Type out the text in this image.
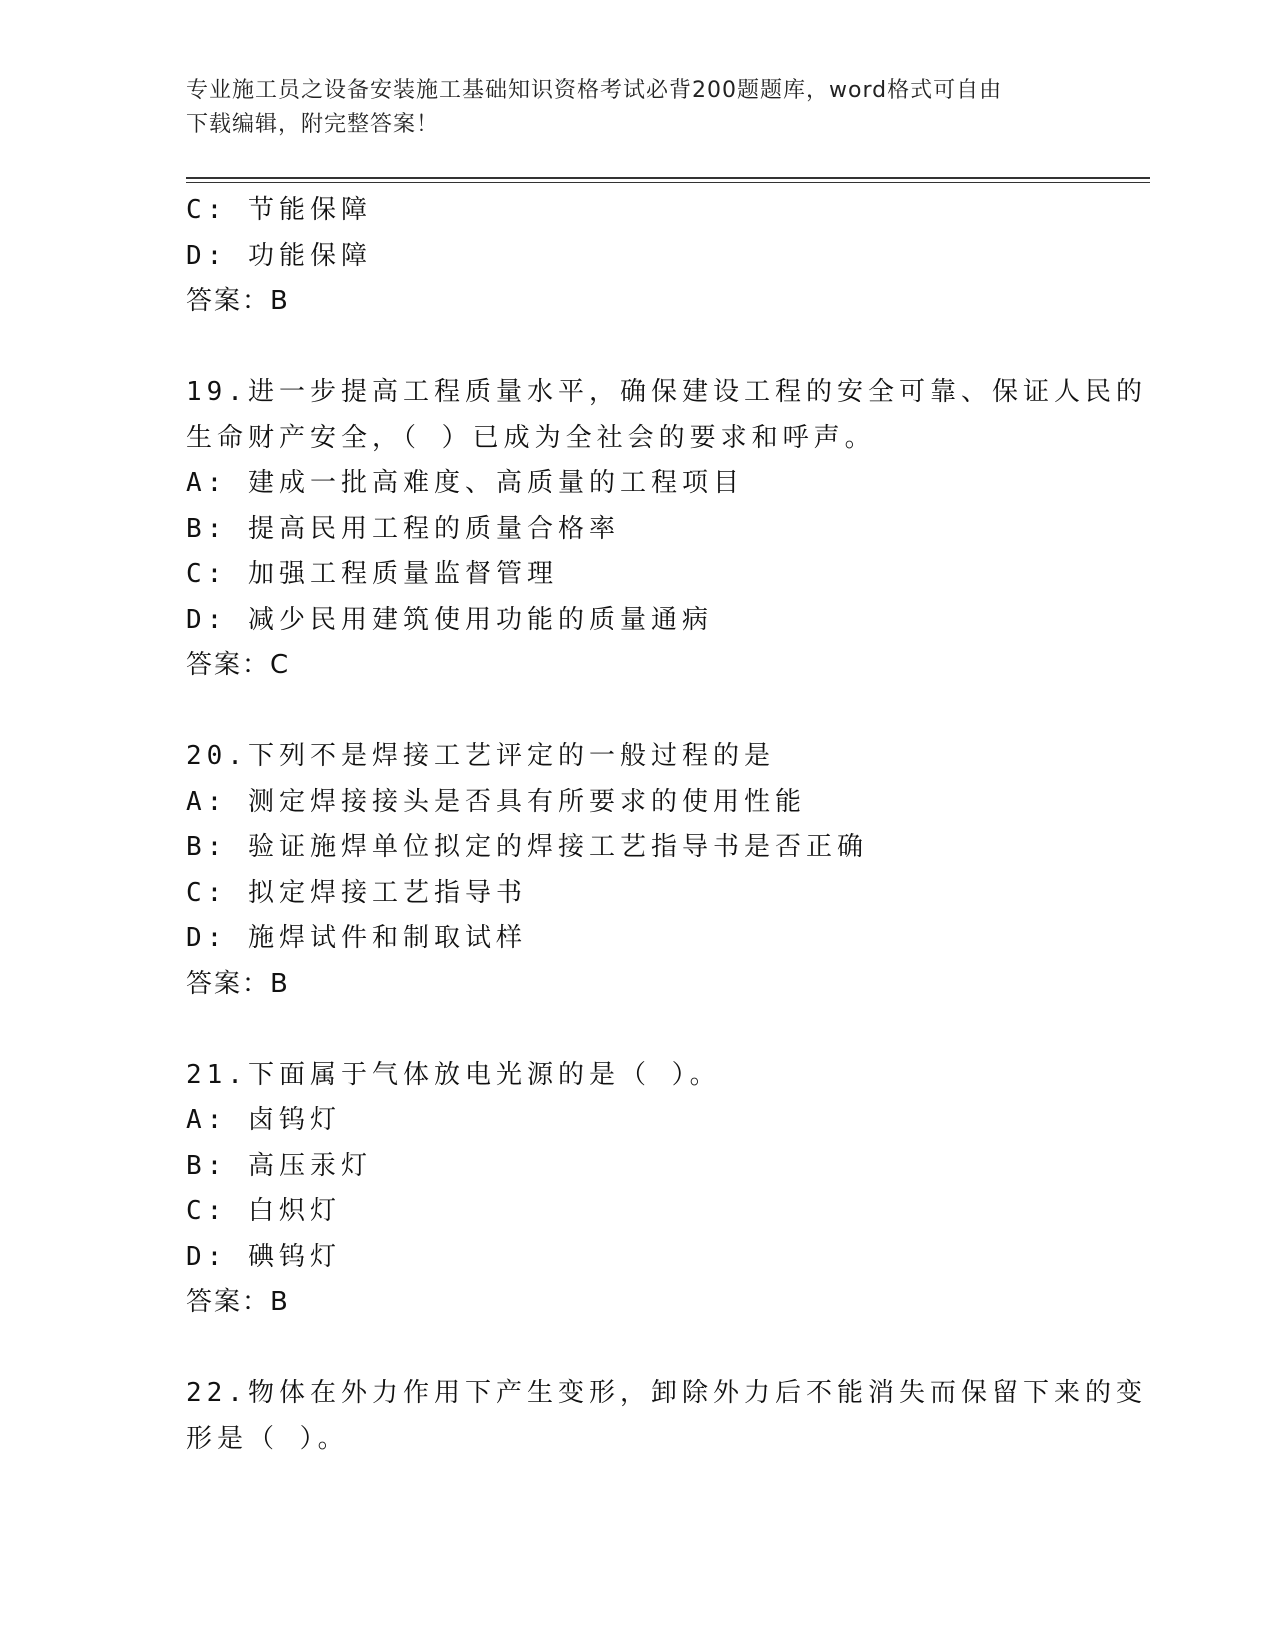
专业施工员之设备安装施工基础知识资格考试必背200题题库，word格式可自由
下载编辑，附完整答案！
C: 节能保障
D: 功能保障
答案：B
19.进一步提高工程质量水平，确保建设工程的安全可靠、保证人民的
生命财产安全，（ ）已成为全社会的要求和呼声。
A: 建成一批高难度、高质量的工程项目
B: 提高民用工程的质量合格率
C: 加强工程质量监督管理
D: 减少民用建筑使用功能的质量通病
答案：C
20.下列不是焊接工艺评定的一般过程的是
A: 测定焊接接头是否具有所要求的使用性能
B: 验证施焊单位拟定的焊接工艺指导书是否正确
C: 拟定焊接工艺指导书
D: 施焊试件和制取试样
答案：B
21.下面属于气体放电光源的是（ ）。
A: 卤钨灯
B: 高压汞灯
C: 白炽灯
D: 碘钨灯
答案：B
22.物体在外力作用下产生变形，卸除外力后不能消失而保留下来的变
形是（ ）。
